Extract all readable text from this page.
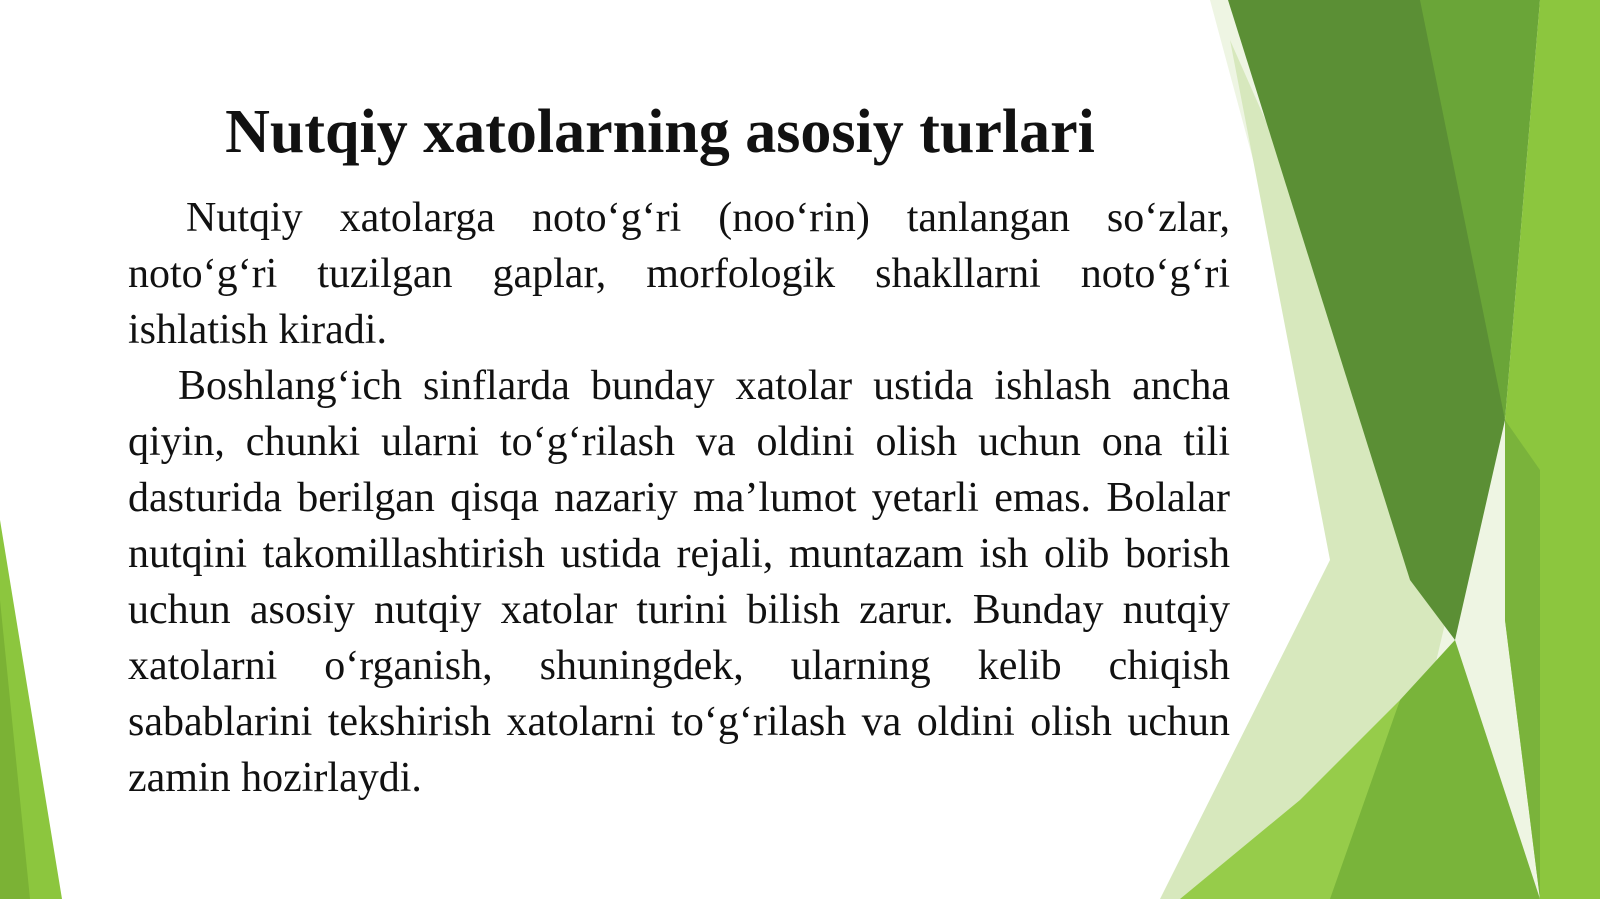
Nutqiy xatolarning asosiy turlari

Nutqiy xatolarga noto‘g‘ri (noo‘rin) tanlangan so‘zlar, noto‘g‘ri tuzilgan gaplar, morfologik shakllarni noto‘g‘ri ishlatish kiradi.

Boshlang‘ich sinflarda bunday xatolar ustida ishlash ancha qiyin, chunki ularni to‘g‘rilash va oldini olish uchun ona tili dasturida berilgan qisqa nazariy ma’lumot yetarli emas. Bolalar nutqini takomillashtirish ustida rejali, muntazam ish olib borish uchun asosiy nutqiy xatolar turini bilish zarur. Bunday nutqiy xatolarni o‘rganish, shuningdek, ularning kelib chiqish sabablarini tekshirish xatolarni to‘g‘rilash va oldini olish uchun zamin hozirlaydi.
